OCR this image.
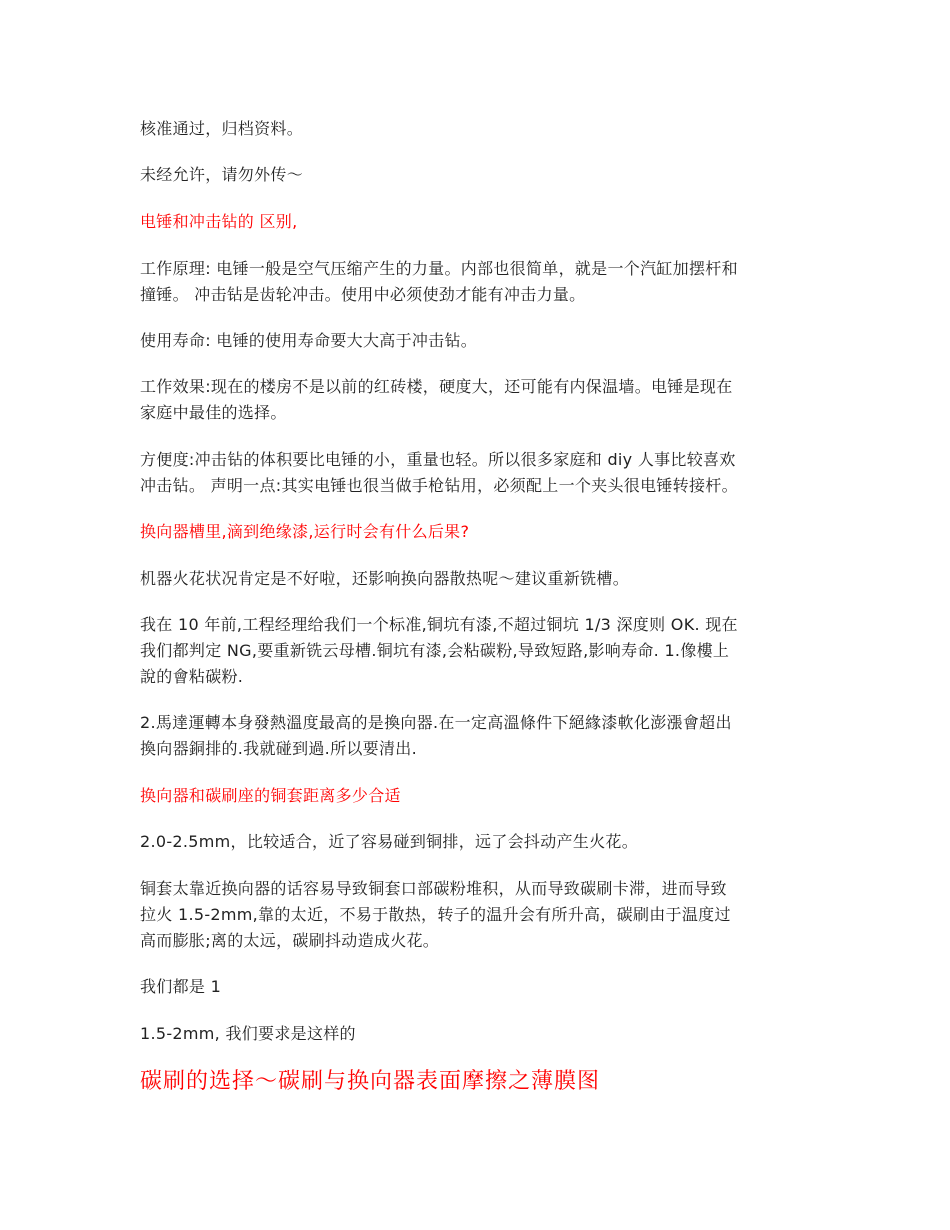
核准通过，归档资料。
未经允许，请勿外传～
电锤和冲击钻的 区别,
工作原理: 电锤一般是空气压缩产生的力量。内部也很简单，就是一个汽缸加摆杆和
撞锤。 冲击钻是齿轮冲击。使用中必须使劲才能有冲击力量。
使用寿命: 电锤的使用寿命要大大高于冲击钻。
工作效果:现在的楼房不是以前的红砖楼，硬度大，还可能有内保温墙。电锤是现在
家庭中最佳的选择。
方便度:冲击钻的体积要比电锤的小，重量也轻。所以很多家庭和 diy 人事比较喜欢
冲击钻。 声明一点:其实电锤也很当做手枪钻用，必须配上一个夹头很电锤转接杆。
换向器槽里,滴到绝缘漆,运行时会有什么后果?
机器火花状况肯定是不好啦，还影响换向器散热呢～建议重新铣槽。
我在 10 年前,工程经理给我们一个标准,铜坑有漆,不超过铜坑 1/3 深度则 OK. 现在
我们都判定 NG,要重新铣云母槽.铜坑有漆,会粘碳粉,导致短路,影响寿命. 1.像樓上
說的會粘碳粉.
2.馬達運轉本身發熱溫度最高的是換向器.在一定高溫條件下絕緣漆軟化澎漲會超出
換向器銅排的.我就碰到過.所以要清出.
换向器和碳刷座的铜套距离多少合适
2.0-2.5mm，比较适合，近了容易碰到铜排，远了会抖动产生火花。
铜套太靠近换向器的话容易导致铜套口部碳粉堆积，从而导致碳刷卡滞，进而导致
拉火 1.5-2mm,靠的太近，不易于散热，转子的温升会有所升高，碳刷由于温度过
高而膨胀;离的太远，碳刷抖动造成火花。
我们都是 1
1.5-2mm, 我们要求是这样的
碳刷的选择～碳刷与换向器表面摩擦之薄膜图
